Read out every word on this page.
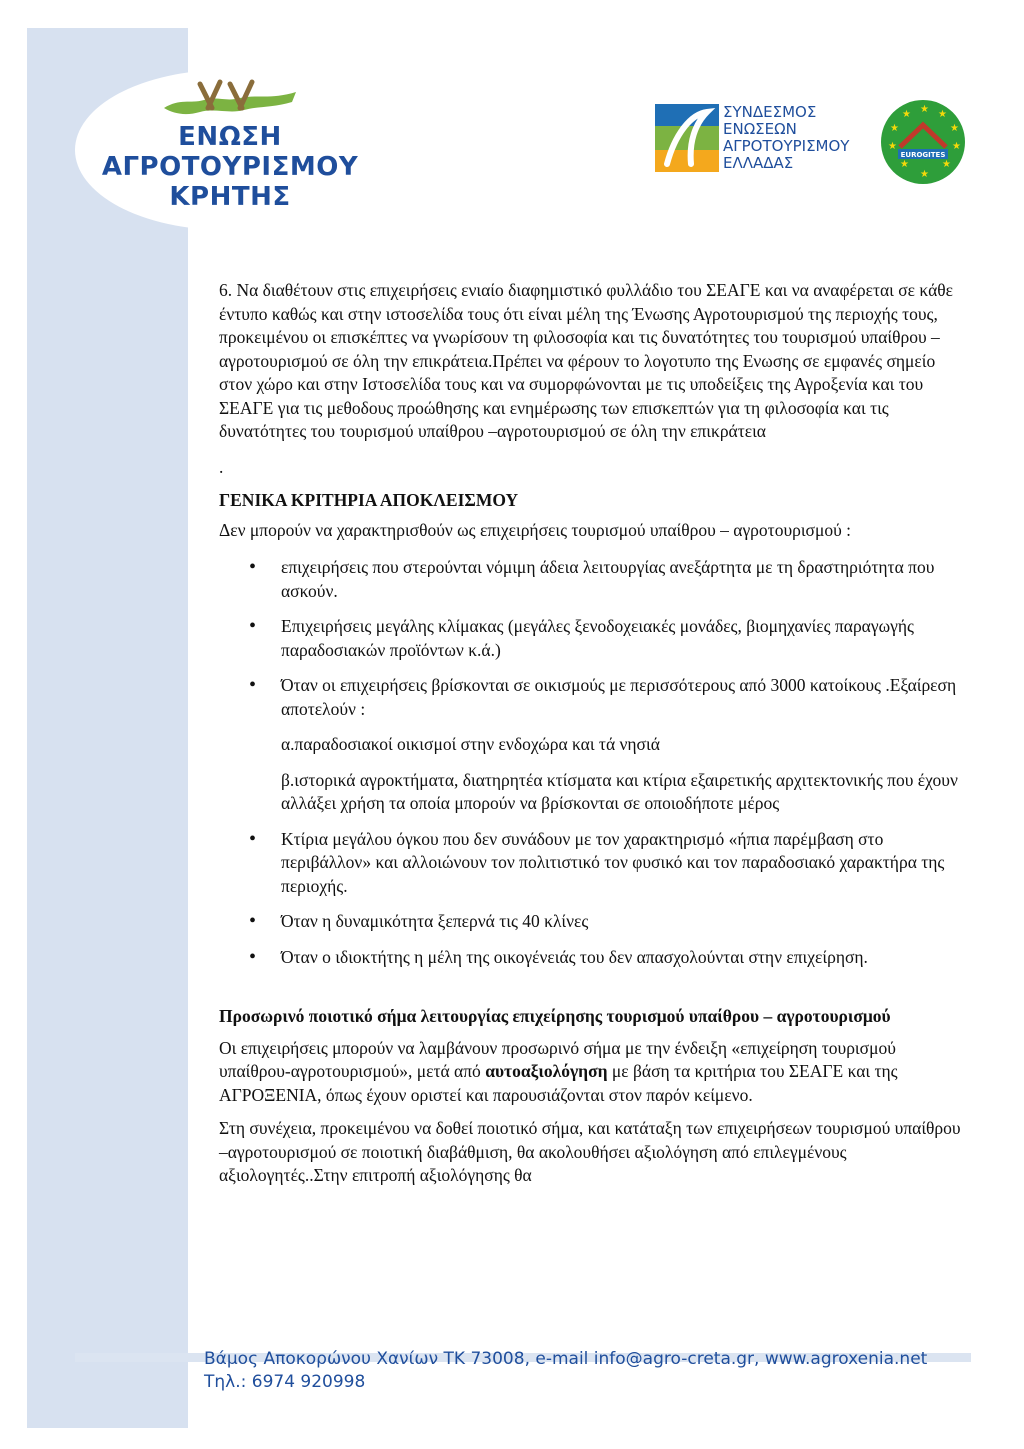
ΕΝΩΣΗ
ΑΓΡΟΤΟΥΡΙΣΜΟΥ
ΚΡΗΤΗΣ
ΣΥΝΔΕΣΜΟΣ
ΕΝΩΣΕΩΝ
ΑΓΡΟΤΟΥΡΙΣΜΟΥ
ΕΛΛΑΔΑΣ
★ ★
★
★
★
★
★
★
★
★
EUROGITES

6. Να διαθέτουν στις επιχειρήσεις ενιαίο διαφημιστικό φυλλάδιο του ΣΕΑΓΕ και να αναφέρεται σε κάθε έντυπο καθώς και στην ιστοσελίδα τους ότι είναι μέλη της Ένωσης Αγροτουρισμού της περιοχής τους, προκειμένου οι επισκέπτες να γνωρίσουν τη φιλοσοφία και τις δυνατότητες του τουρισμού υπαίθρου –αγροτουρισμού σε όλη την επικράτεια.Πρέπει να φέρουν το λογοτυπο της Ενωσης σε εμφανές σημείο στον χώρο και στην Ιστοσελίδα τους και να συμορφώνονται με τις υποδείξεις της Αγροξενία και του ΣΕΑΓΕ για τις μεθοδους προώθησης και ενημέρωσης των επισκεπτών για τη φιλοσοφία και τις δυνατότητες του τουρισμού υπαίθρου –αγροτουρισμού σε όλη την επικράτεια

.

ΓΕΝΙΚΑ ΚΡΙΤΗΡΙΑ ΑΠΟΚΛΕΙΣΜΟΥ

Δεν μπορούν να χαρακτηρισθούν ως επιχειρήσεις τουρισμού υπαίθρου – αγροτουρισμού :

• επιχειρήσεις που στερούνται νόμιμη άδεια λειτουργίας ανεξάρτητα με τη δραστηριότητα που ασκούν.
• Επιχειρήσεις μεγάλης κλίμακας (μεγάλες ξενοδοχειακές μονάδες, βιομηχανίες παραγωγής παραδοσιακών προϊόντων κ.ά.)
• Όταν οι επιχειρήσεις βρίσκονται σε οικισμούς με περισσότερους από 3000 κατοίκους .Εξαίρεση αποτελούν :
α.παραδοσιακοί οικισμοί στην ενδοχώρα και τά νησιά
β.ιστορικά αγροκτήματα, διατηρητέα κτίσματα και κτίρια εξαιρετικής αρχιτεκτονικής που έχουν αλλάξει χρήση τα οποία μπορούν να βρίσκονται σε οποιοδήποτε μέρος
• Κτίρια μεγάλου όγκου που δεν συνάδουν με τον χαρακτηρισμό «ήπια παρέμβαση στο περιβάλλον» και αλλοιώνουν τον πολιτιστικό τον φυσικό και τον παραδοσιακό χαρακτήρα της περιοχής.
• Όταν η δυναμικότητα ξεπερνά τις 40 κλίνες
• Όταν ο ιδιοκτήτης η μέλη της οικογένειάς του δεν απασχολούνται στην επιχείρηση.

Προσωρινό ποιοτικό σήμα λειτουργίας επιχείρησης τουρισμού υπαίθρου – αγροτουρισμού

Οι επιχειρήσεις μπορούν να λαμβάνουν προσωρινό σήμα με την ένδειξη «επιχείρηση τουρισμού υπαίθρου-αγροτουρισμού», μετά από αυτοαξιολόγηση με βάση τα κριτήρια του ΣΕΑΓΕ και της ΑΓΡΟΞΕΝΙΑ, όπως έχουν οριστεί και παρουσιάζονται στον παρόν κείμενο.

Στη συνέχεια, προκειμένου να δοθεί ποιοτικό σήμα, και κατάταξη των επιχειρήσεων τουρισμού υπαίθρου –αγροτουρισμού σε ποιοτική διαβάθμιση, θα ακολουθήσει αξιολόγηση από επιλεγμένους αξιολογητές..Στην επιτροπή αξιολόγησης θα

Βάμος Αποκορώνου Χανίων ΤΚ 73008, e-mail info@agro-creta.gr, www.agroxenia.net
Τηλ.: 6974 920998
